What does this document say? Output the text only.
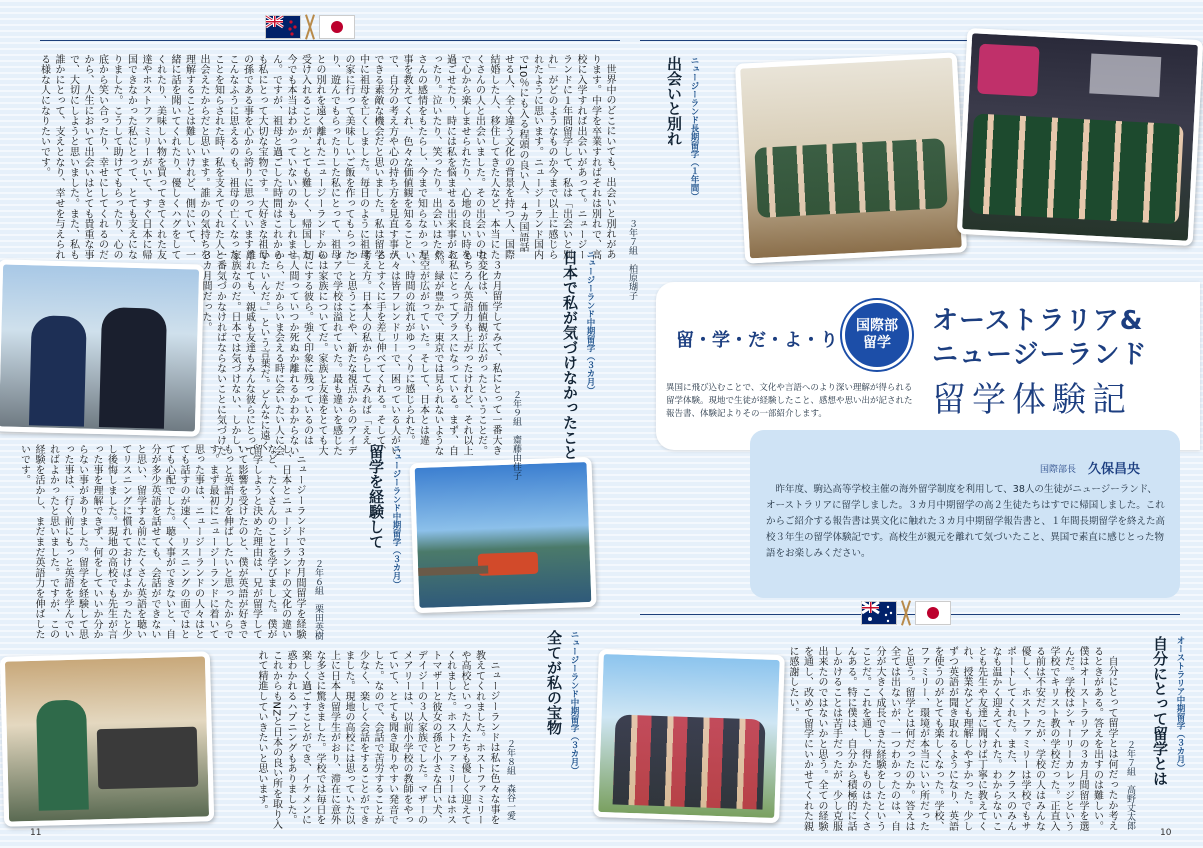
留・学・だ・よ・り
国際部留学
オーストラリア&
ニュージーランド
留学体験記
異国に飛び込むことで、文化や言語へのより深い理解が得られる留学体験。現地で生徒が経験したこと、感想や思い出が記された報告書、体験記よりその一部紹介します。
国際部長 久保昌央
昨年度、駒込高等学校主催の海外留学制度を利用して、38人の生徒がニュージーランド、オーストラリアに留学しました。３カ月中期留学の高２生徒たちはすでに帰国しました。これからご紹介する報告書は異文化に触れた３カ月中期留学報告書と、１年間長期留学を終えた高校３年生の留学体験記です。高校生が親元を離れて気づいたこと、異国で素直に感じとった物語をお楽しみください。
ニュージーランド長期留学（１年間）
出会いと別れ
３年７組　柏原瑚子
世界中のどこにいても、出会いと別れがあります。中学を卒業すればそれは別れで、高校に入学すれば出会いがあって。ニュージーランドに１年間留学して、私は「出会いと別れ」がどのようなものか今まで以上に感じられたように思います。ニュージーランド国内で10％にも入る程頭の良い人、４カ国語話せる人、全く違う文化の背景を持つ人、国際結婚した人、移住してきた人など、本当にたくさんの人と出会いました。その出会いの中で心から楽しませられたり、心地の良い時を過ごせたり、時には私を悩ませる出来事があったり。泣いたり、笑ったり。出会いはたくさんの感情をもたらし、今まで知らなかった事を教えてくれ、色々な価値観を知ることで、自分の考え方や心の持ち方を見直す事ができる素敵な機会だと思いました。私は留学中に祖母を亡くしました。毎日のように祖母の家に行って美味しいご飯を作ってもらったり、遊んでもらったりした私にとって、祖母との別れを遠く離れたニュージーランドから受け入れることが、とても難しく、帰国した今でも本当はわかっていないのかもしれません。ですが、祖母と過ごした時間はこれからも私にとって大切な宝物です。大好きな祖母の孫である事を心から誇りに思っています。こんなふうに思えるのも、祖母の亡くなったことを知らされた時、私を支えてくれた人と出会えたからだと思います。誰かの気持ちを理解することは難しいけれど、側にいて、一緒に話を聞いてくれたり、優しくハグをしてくれたり、美味しい物を買ってきてくれた友達やホストファミリーがいて、すぐ日本に帰国できなかった私にとって、とても支えになりました。こうして助けてもらったり、心の底から笑い合ったり、幸せにしてくれるのだから、人生において出会いはとても貴重な事で、大切にしようと思いました。また、私も誰かにとって、支えとなり、幸せを与えられる様な人になりたいです。
ニュージーランド中期留学（３カ月）
日本で私が気づけなかったこと
２年９組　齋藤由佳子
３カ月留学してみて、私にとって一番大きな変化は、価値観が広がったということだ。もちろん英語力も上がったけれど、それ以上に私にとってプラスになっている。まず、自然。緑が豊かで、東京では見られないような星空が広がっていた。そして、日本とは違い、時間の流れがゆっくりに感じられた。人々は皆フレンドリーで、困っている人がいるとすぐに手を差し伸べてくれる。そして、考え方。日本人の私からしてみれば「ええっ」と思うことや、新たな視点からのアイディアで学校は溢れていた。最も違いを感じたのは家族についてだ。家族と友達をとても大切にする彼ら。強く印象に残っているのは「人間っていつか死ぬか離れるかわからないから、だからいま会える時に会いたい人に会いたいんだ。」という言葉だ。どんなに遠く離れても、親戚も友達もみんな彼らにとって家族なのだ。日本では気づけない、しかし、一番気づかなければならないことに気づけた３カ月間だった。
ニュージーランド中期留学（３カ月）
留学を経験して
２年６組　栗田英樹
ニュージーランドで３カ月間留学を経験し、日本とニュージーランドの文化の違いなど、たくさんのことを学びました。僕が留学しようと決めた理由は、兄が留学していて影響を受けたのと、僕が英語が好きでもっと英語力を伸ばしたいと思ったからです。まず最初にニュージーランドに着いて思った事は、ニュージーランドの人々はとても話すのが速く、リスニングの面ではとても心配でした。聴く事ができないと、自分が多少英語を話せても、会話ができないと思い、留学する前にたくさん英語を聴いてリスニングに慣れておけばよかったと少し後悔しました。現地の高校でも先生が言った事を理解できず、何をしていいか分からない事がありました。留学を経験して思った事は、行く前にもっと英語を学んでいればよかったと思いました。ですが、この経験を活かし、まだまだ英語力を伸ばしたいです。
ニュージーランド中期留学（３カ月）
全てが私の宝物
２年８組　森谷一愛
ニュージーランドは私に色々な事を教えてくれました。ホストファミリーや高校といった人たちも優しく迎えてくれました。ホストファミリーはホストマザーと彼女の孫と小さな白い犬、デイジーの３人家族でした。マザーのメアリーは、以前小学校の教師をやっていて、とても聞き取りやすい発音でした。なので、会話で苦労することが少なく、楽しく会話をすることができました。現地の高校には思っていた以上に日本人留学生がおり、滞在に意外な多さに驚きました。学校では毎日を楽しく過ごすことができ、イケメンに惑わかれるハプニングもありました。これからもNZと日本の良い所を取り入れて精進していきたいと思います。	オーストラリア中期留学（３カ月）
自分にとって留学とは
２年７組　高野丈太郎
自分にとって留学とは何だったか考えるときがある。答えを出すのは難しい。僕はオーストラリアの３カ月間留学を選んだ。学校はシャーリーカレッジという学校でキリスト教の学校だった。正直入る前は不安だったが、学校の人はみんな優しく、ホストファミリーは学校でもサポートしてくれた。また、クラスのみんなも温かく迎えてくれた。わからないことも先生や友達に聞けば丁寧に教えてくれ、授業なども理解しやすかった。少しずつ英語が聞き取れるようになり、英語を使うのがとても楽しくなった。学校、ファミリー、環境が本当にいい所だったと思う。留学とは何だったのか。答えは全ては出ないが、一つわかったのは、自分が大きく成長できた経験をしたということだ。これを通し、得たものはたくさんある。特に僕は、自分から積極的に話しかけることは苦手だったが、少し克服出来たのではないかと思う。全ての経験を通し、改めて留学にいかせてくれた親に感謝したい。
11	10
